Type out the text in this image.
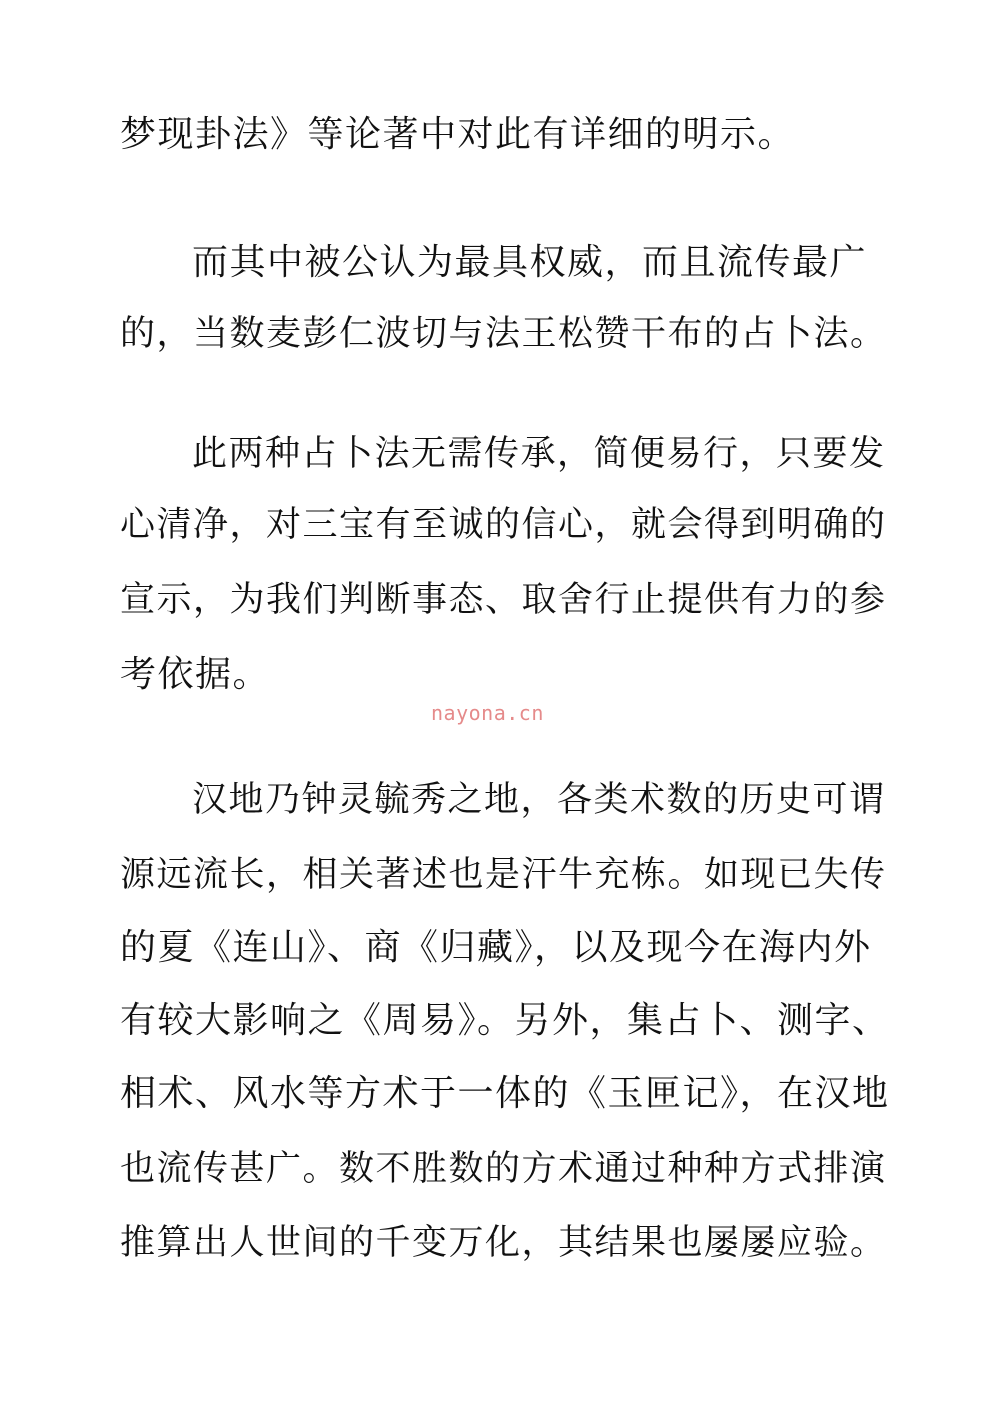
梦现卦法》等论著中对此有详细的明示。
而其中被公认为最具权威，而且流传最广
的，当数麦彭仁波切与法王松赞干布的占卜法。
此两种占卜法无需传承，简便易行，只要发
心清净，对三宝有至诚的信心，就会得到明确的
宣示，为我们判断事态、取舍行止提供有力的参
考依据。
nayona.cn
汉地乃钟灵毓秀之地，各类术数的历史可谓
源远流长，相关著述也是汗牛充栋。如现已失传
的夏《连山》、商《归藏》，以及现今在海内外
有较大影响之《周易》。另外，集占卜、测字、
相术、风水等方术于一体的《玉匣记》，在汉地
也流传甚广。数不胜数的方术通过种种方式排演
推算出人世间的千变万化，其结果也屡屡应验。
